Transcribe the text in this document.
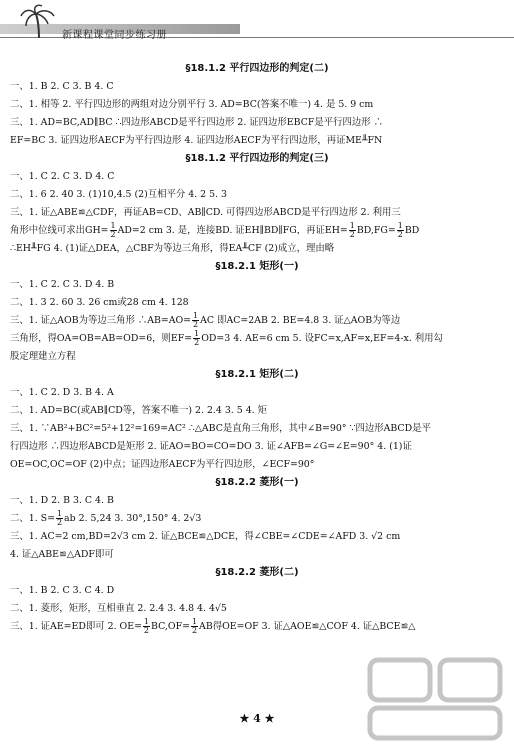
新课程课堂同步练习册
§18.1.2 平行四边形的判定(二)
一、1. B 2. C 3. B 4. C
二、1. 相等 2. 平行四边形的两组对边分别平行 3. AD=BC(答案不唯一) 4. 是 5. 9 cm
三、1. AD=BC,AD∥BC ∴四边形ABCD是平行四边形 2. 证四边形EBCF是平行四边形 ∴
EF=BC 3. 证四边形AECF为平行四边形 4. 证四边形AECF为平行四边形，再证ME╨FN
§18.1.2 平行四边形的判定(三)
一、1. C 2. C 3. D 4. C
二、1. 6 2. 40 3. (1)10,4.5 (2)互相平分 4. 2 5. 3
三、1. 证△ABE≌△CDF，再证AB=CD、AB∥CD. 可得四边形ABCD是平行四边形 2. 利用三
角形中位线可求出$GH= \frac{1}{2} AD=2$ cm 3. 是，连接BD. 证EH∥BD∥FG，再证$EH= \frac{1}{2} BD,FG= \frac{1}{2}$ BD
∴EH╨FG 4. (1)证△DEA，△CBF为等边三角形，得EA╨CF (2)成立，理由略
§18.2.1 矩形(一)
一、1. C 2. C 3. D 4. B
二、1. 3 2. 60 3. 26 cm或28 cm 4. 128
三、1. 证△AOB为等边三角形 ∴AB=AO= $\frac{1}{2}$ AC 即AC=2AB 2. BE=4.8 3. 证△AOB为等边
三角形，得OA=OB=AB=OD=6，则$EF= \frac{1}{2} OD=3$ 4. AE=6 cm 5. 设FC=x,AF=x,EF=4-x. 利用勾
股定理建立方程
§18.2.1 矩形(二)
一、1. C 2. D 3. B 4. A
二、1. AD=BC(或AB∥CD等，答案不唯一) 2. 2.4 3. 5 4. 矩
三、1. ∵AB²+BC²=5²+12²=169=AC² ∴△ABC是直角三角形，其中∠B=90° ∵四边形ABCD是平
行四边形 ∴四边形ABCD是矩形 2. 证AO=BO=CO=DO 3. 证∠AFB=∠G=∠E=90° 4. (1)证
OE=OC,OC=OF (2)中点；证四边形AECF为平行四边形，∠ECF=90°
§18.2.2 菱形(一)
一、1. D 2. B 3. C 4. B
二、1. $S= \frac{1}{2}$ ab 2. 5,24 3. 30°,150° 4. 2√3
三、1. AC=2 cm,BD=2√3 cm 2. 证△BCE≌△DCE，得∠CBE=∠CDE=∠AFD 3. √2 cm
4. 证△ABE≌△ADF即可
§18.2.2 菱形(二)
一、1. B 2. C 3. C 4. D
二、1. 菱形，矩形，互相垂直 2. 2.4 3. 4.8 4. 4√5
三、1. 证AE=ED即可 2. $OE= \frac{1}{2} BC,OF= \frac{1}{2}$ AB得OE=OF 3. 证△AOE≌△COF 4. 证△BCE≌△
★ 4 ★
